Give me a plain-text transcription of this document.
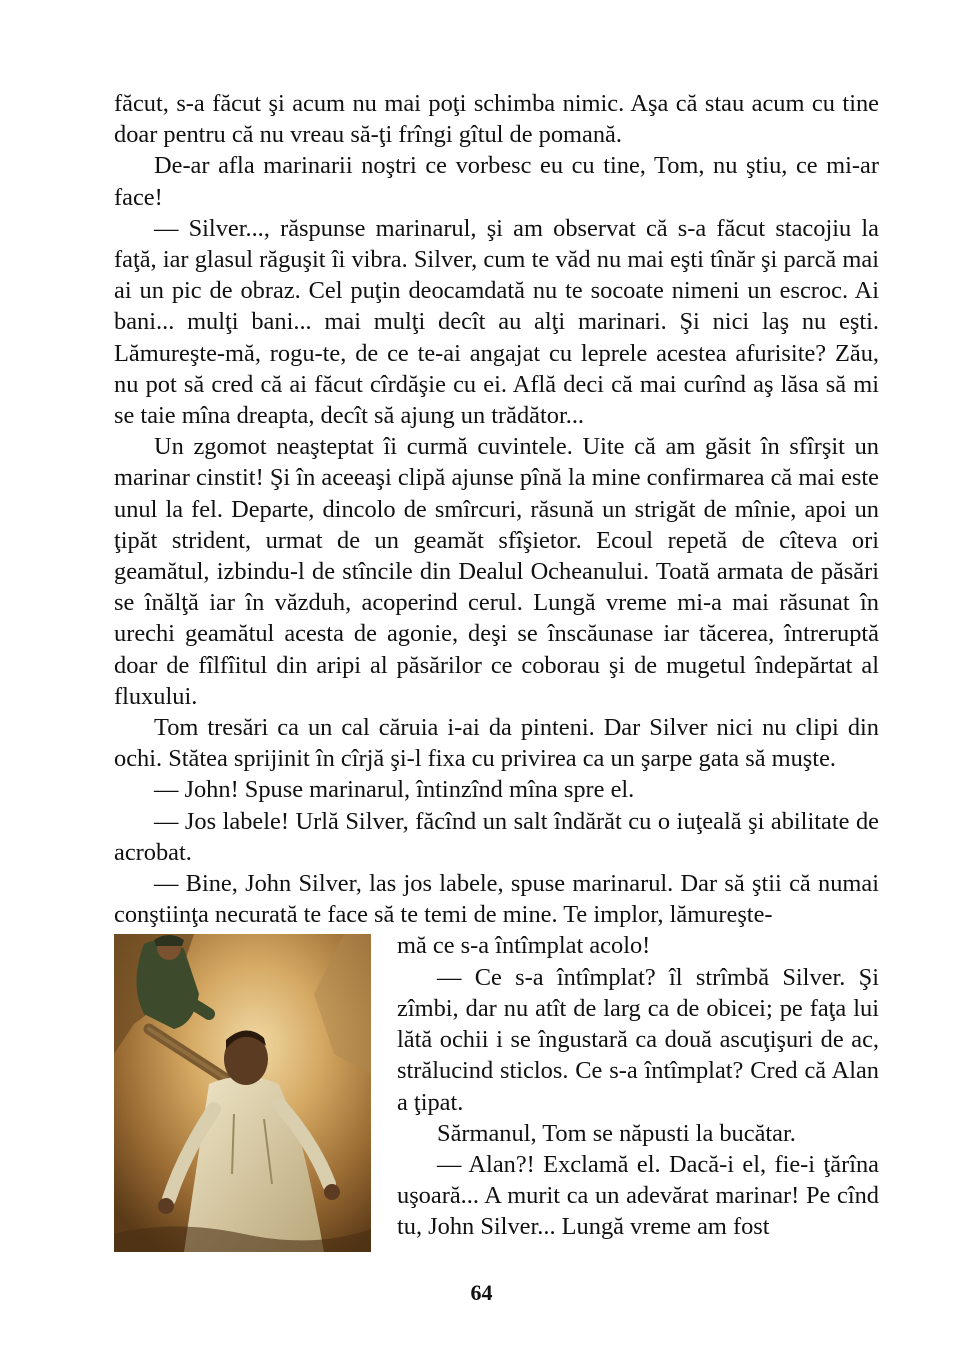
făcut, s-a făcut şi acum nu mai poţi schimba nimic. Aşa că stau acum cu tine doar pentru că nu vreau să-ţi frîngi gîtul de pomană.

De-ar afla marinarii noştri ce vorbesc eu cu tine, Tom, nu ştiu, ce mi-ar face!

— Silver..., răspunse marinarul, şi am observat că s-a făcut stacojiu la faţă, iar glasul răguşit îi vibra. Silver, cum te văd nu mai eşti tînăr şi parcă mai ai un pic de obraz. Cel puţin deocamdată nu te socoate nimeni un escroc. Ai bani... mulţi bani... mai mulţi decît au alţi marinari. Şi nici laş nu eşti. Lămureşte-mă, rogu-te, de ce te-ai angajat cu leprele acestea afurisite? Zău, nu pot să cred că ai făcut cîrdăşie cu ei. Află deci că mai curînd aş lăsa să mi se taie mîna dreapta, decît să ajung un trădător...

Un zgomot neaşteptat îi curmă cuvintele. Uite că am găsit în sfîrşit un marinar cinstit! Şi în aceeaşi clipă ajunse pînă la mine confirmarea că mai este unul la fel. Departe, dincolo de smîrcuri, răsună un strigăt de mînie, apoi un ţipăt strident, urmat de un geamăt sfîşietor. Ecoul repetă de cîteva ori geamătul, izbindu-l de stîncile din Dealul Ocheanului. Toată armata de păsări se înălţă iar în văzduh, acoperind cerul. Lungă vreme mi-a mai răsunat în urechi geamătul acesta de agonie, deşi se înscăunase iar tăcerea, întreruptă doar de fîlfîitul din aripi al păsărilor ce coborau şi de mugetul îndepărtat al fluxului.

Tom tresări ca un cal căruia i-ai da pinteni. Dar Silver nici nu clipi din ochi. Stătea sprijinit în cîrjă şi-l fixa cu privirea ca un şarpe gata să muşte.

— John! Spuse marinarul, întinzînd mîna spre el.

— Jos labele! Urlă Silver, făcînd un salt îndărăt cu o iuţeală şi abilitate de acrobat.

— Bine, John Silver, las jos labele, spuse marinarul. Dar să ştii că numai conştiinţa necurată te face să te temi de mine. Te implor, lămureşte-

mă ce s-a întîmplat acolo!

— Ce s-a întîmplat? îl strîmbă Silver. Şi zîmbi, dar nu atît de larg ca de obicei; pe faţa lui lătă ochii i se îngustară ca două ascuţişuri de ac, strălucind sticlos. Ce s-a întîmplat? Cred că Alan a ţipat.

Sărmanul, Tom se năpusti la bucătar.

— Alan?! Exclamă el. Dacă-i el, fie-i ţărîna uşoară... A murit ca un adevărat marinar! Pe cînd tu, John Silver... Lungă vreme am fost

64
